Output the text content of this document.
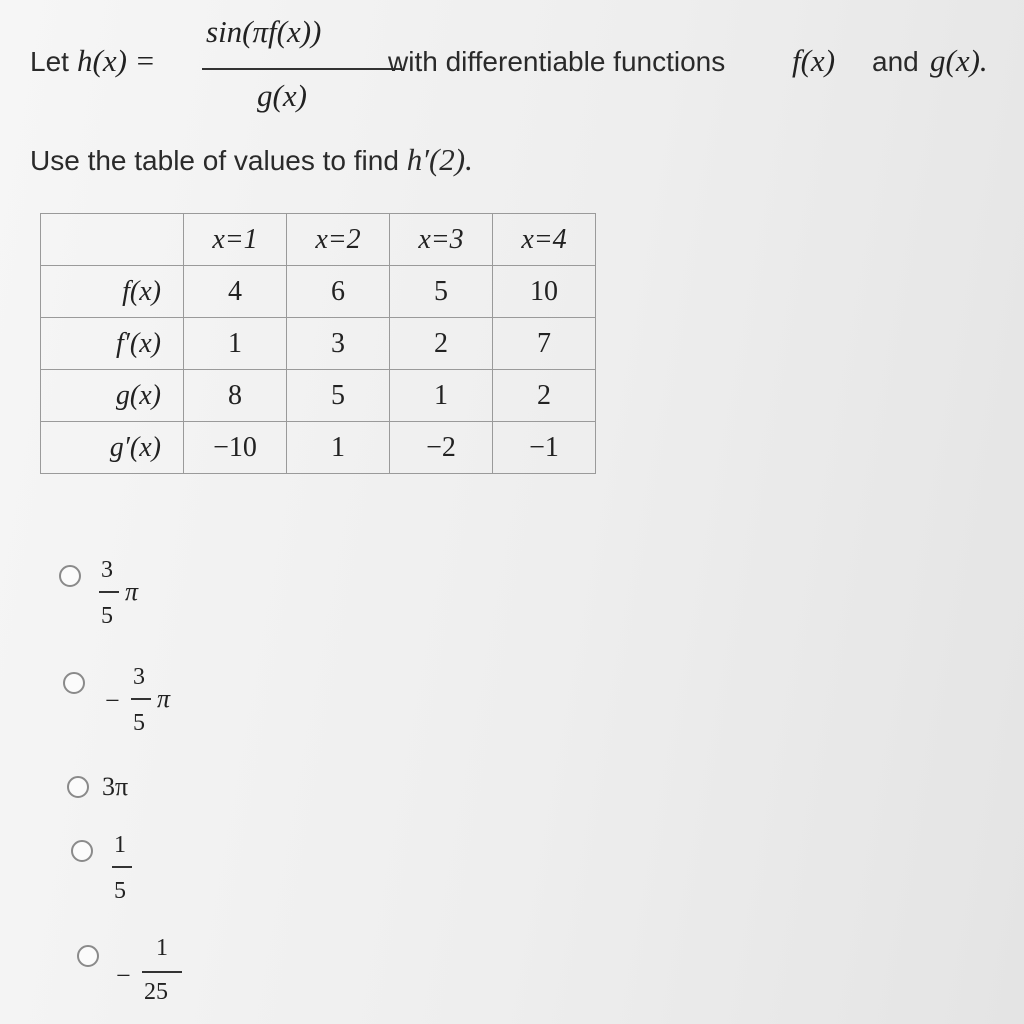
Let h(x) =
sin(πf(x))
g(x)
with differentiable functions f(x) and g(x).
Use the table of values to find h′(2).
	x=1	x=2	x=3	x=4
f(x)	4	6	5	10
f′(x)	1	3	2	7
g(x)	8	5	1	2
g′(x)	−10	1	−2	−1
3
5
π
−
3
5
π
3π
1
5
−
1
25
